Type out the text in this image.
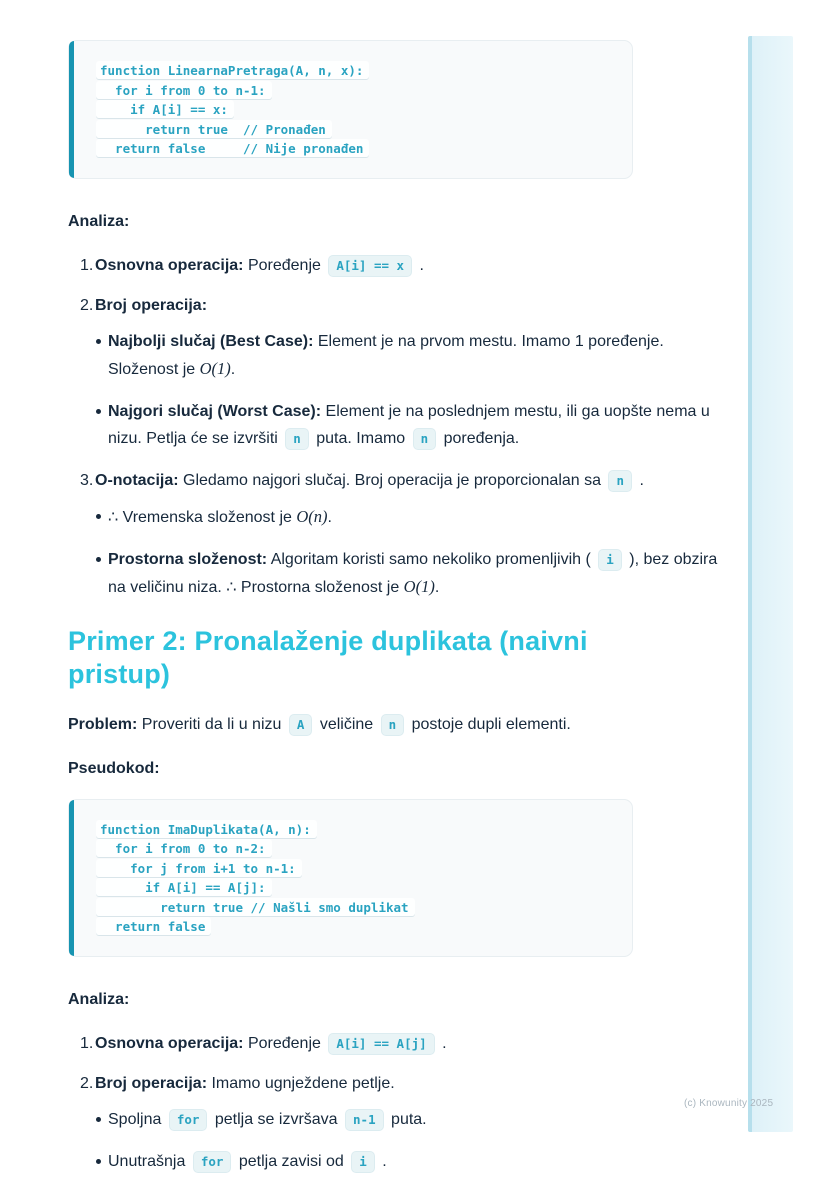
function LinearnaPretraga(A, n, x):
for i from 0 to n-1:
if A[i] == x:
return true  // Pronađen
return false     // Nije pronađen

Analiza:

1. Osnovna operacija: Poređenje A[i] == x .
2. Broj operacija:
Najbolji slučaj (Best Case): Element je na prvom mestu. Imamo 1 poređenje. Složenost je O(1).
Najgori slučaj (Worst Case): Element je na poslednjem mestu, ili ga uopšte nema u nizu. Petlja će se izvršiti n puta. Imamo n poređenja.
3. O-notacija: Gledamo najgori slučaj. Broj operacija je proporcionalan sa n .
∴ Vremenska složenost je O(n).
Prostorna složenost: Algoritam koristi samo nekoliko promenljivih ( i ), bez obzira na veličinu niza. ∴ Prostorna složenost je O(1).
Primer 2: Pronalaženje duplikata (naivni pristup)

Problem: Proveriti da li u nizu A veličine n postoje dupli elementi.

Pseudokod:

function ImaDuplikata(A, n):
for i from 0 to n-2:
for j from i+1 to n-1:
if A[i] == A[j]:
return true // Našli smo duplikat
return false

Analiza:

1. Osnovna operacija: Poređenje A[i] == A[j] .
2. Broj operacija: Imamo ugnježdene petlje.
Spoljna for petlja se izvršava n-1 puta.
Unutrašnja for petlja zavisi od i .
(c) Knowunity 2025
